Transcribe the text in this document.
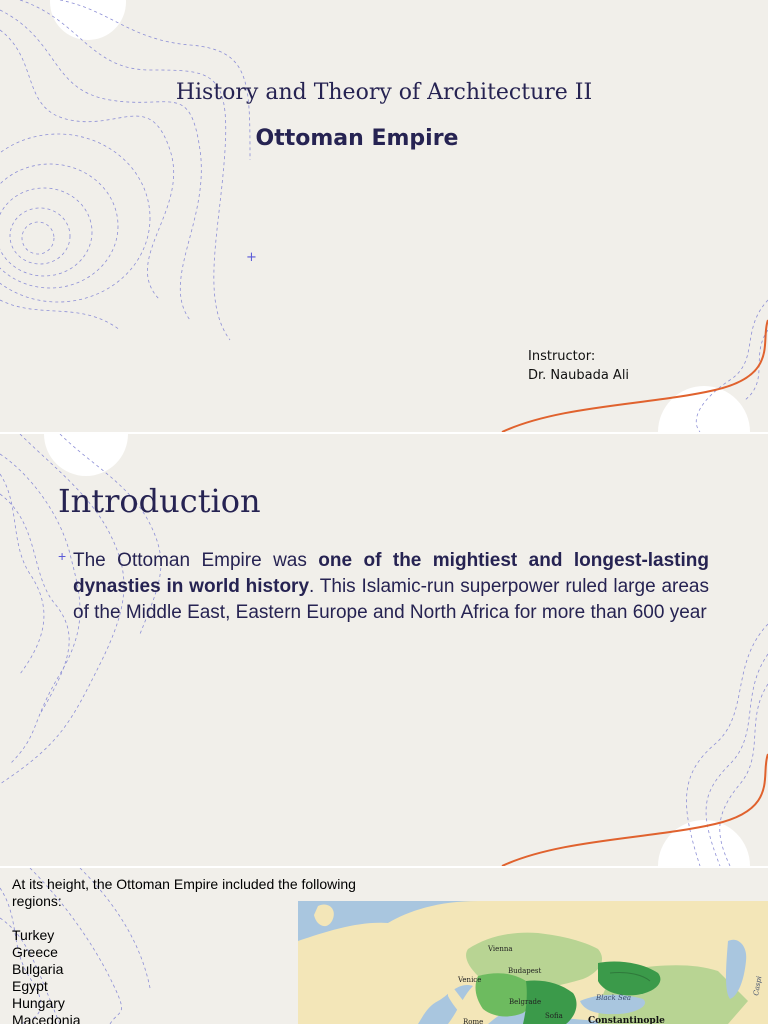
History and Theory of Architecture II
Ottoman Empire
+
Instructor:
Dr. Naubada Ali
Introduction
+ The Ottoman Empire was one of the mightiest and longest-lasting dynasties in world history. This Islamic-run superpower ruled large areas of the Middle East, Eastern Europe and North Africa for more than 600 year
At its height, the Ottoman Empire included the following regions:
Turkey
Greece
Bulgaria
Egypt
Hungary
Macedonia
Vienna
Budapest
Venice
Belgrade
Sofia
Black Sea
Rome
Caspi
Constantinople
